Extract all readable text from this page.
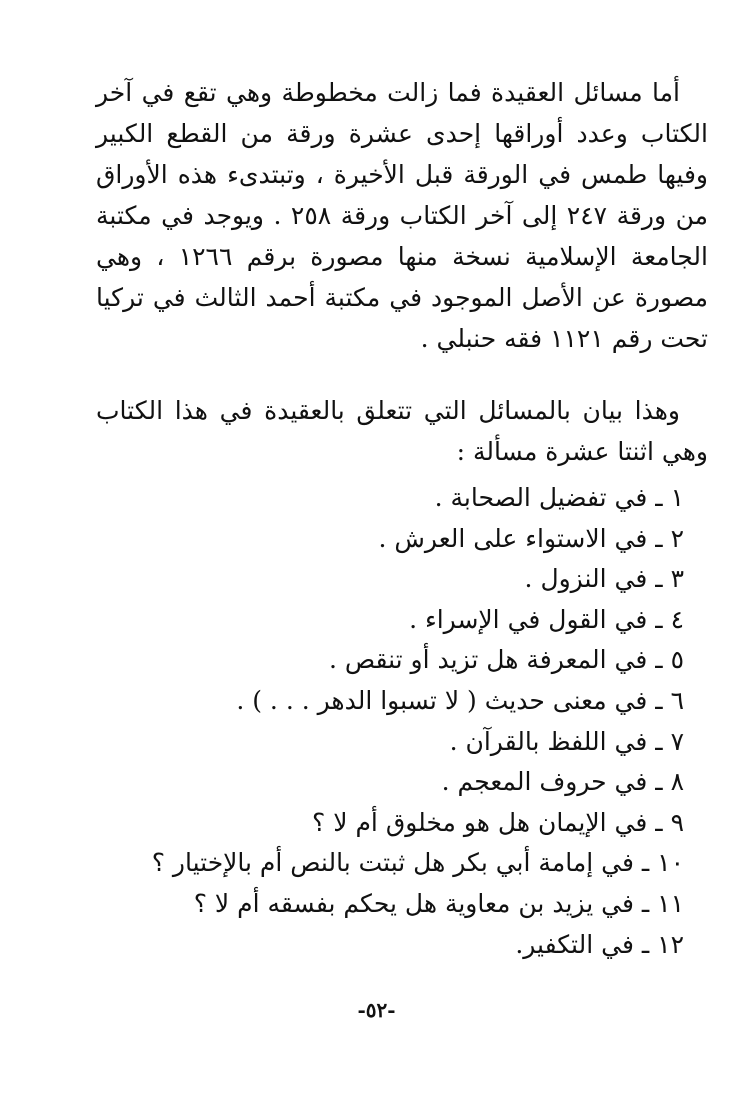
أما مسائل العقيدة فما زالت مخطوطة وهي تقع في آخر الكتاب وعدد أوراقها إحدى عشرة ورقة من القطع الكبير وفيها طمس في الورقة قبل الأخيرة ، وتبتدىء هذه الأوراق من ورقة ٢٤٧ إلى آخر الكتاب ورقة ٢٥٨ . ويوجد في مكتبة الجامعة الإسلامية نسخة منها مصورة برقم ١٢٦٦ ، وهي مصورة عن الأصل الموجود في مكتبة أحمد الثالث في تركيا تحت رقم ١١٢١ فقه حنبلي .

وهذا بيان بالمسائل التي تتعلق بالعقيدة في هذا الكتاب وهي اثنتا عشرة مسألة :

١ ـ في تفضيل الصحابة .
٢ ـ في الاستواء على العرش .
٣ ـ في النزول .
٤ ـ في القول في الإسراء .
٥ ـ في المعرفة هل تزيد أو تنقص .
٦ ـ في معنى حديث ( لا تسبوا الدهر . . . ) .
٧ ـ في اللفظ بالقرآن .
٨ ـ في حروف المعجم .
٩ ـ في الإيمان هل هو مخلوق أم لا ؟
١٠ ـ في إمامة أبي بكر هل ثبتت بالنص أم بالإختيار ؟
١١ ـ في يزيد بن معاوية هل يحكم بفسقه أم لا ؟
١٢ ـ في التكفير.
-٥٢-
